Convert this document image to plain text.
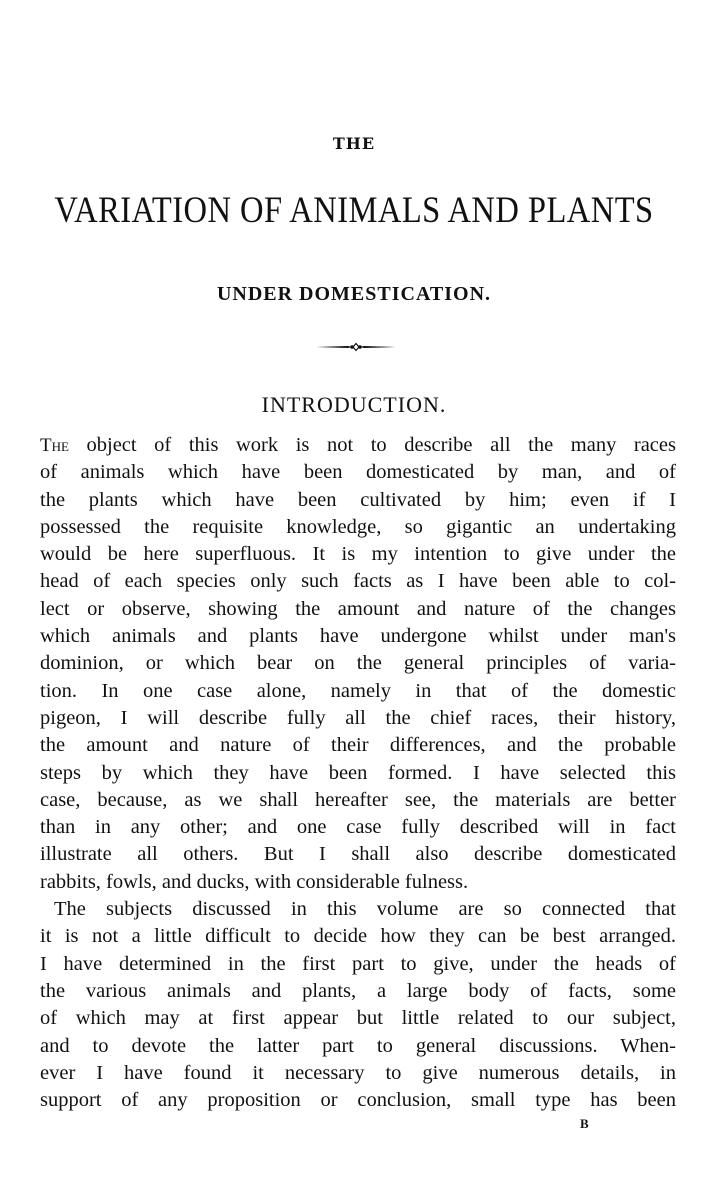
THE
VARIATION OF ANIMALS AND PLANTS
UNDER DOMESTICATION.
INTRODUCTION.
The object of this work is not to describe all the many races
of animals which have been domesticated by man, and of
the plants which have been cultivated by him; even if I
possessed the requisite knowledge, so gigantic an undertaking
would be here superfluous. It is my intention to give under the
head of each species only such facts as I have been able to col-
lect or observe, showing the amount and nature of the changes
which animals and plants have undergone whilst under man's
dominion, or which bear on the general principles of varia-
tion. In one case alone, namely in that of the domestic
pigeon, I will describe fully all the chief races, their history,
the amount and nature of their differences, and the probable
steps by which they have been formed. I have selected this
case, because, as we shall hereafter see, the materials are better
than in any other; and one case fully described will in fact
illustrate all others. But I shall also describe domesticated
rabbits, fowls, and ducks, with considerable fulness.
The subjects discussed in this volume are so connected that
it is not a little difficult to decide how they can be best arranged.
I have determined in the first part to give, under the heads of
the various animals and plants, a large body of facts, some
of which may at first appear but little related to our subject,
and to devote the latter part to general discussions. When-
ever I have found it necessary to give numerous details, in
support of any proposition or conclusion, small type has been
B
